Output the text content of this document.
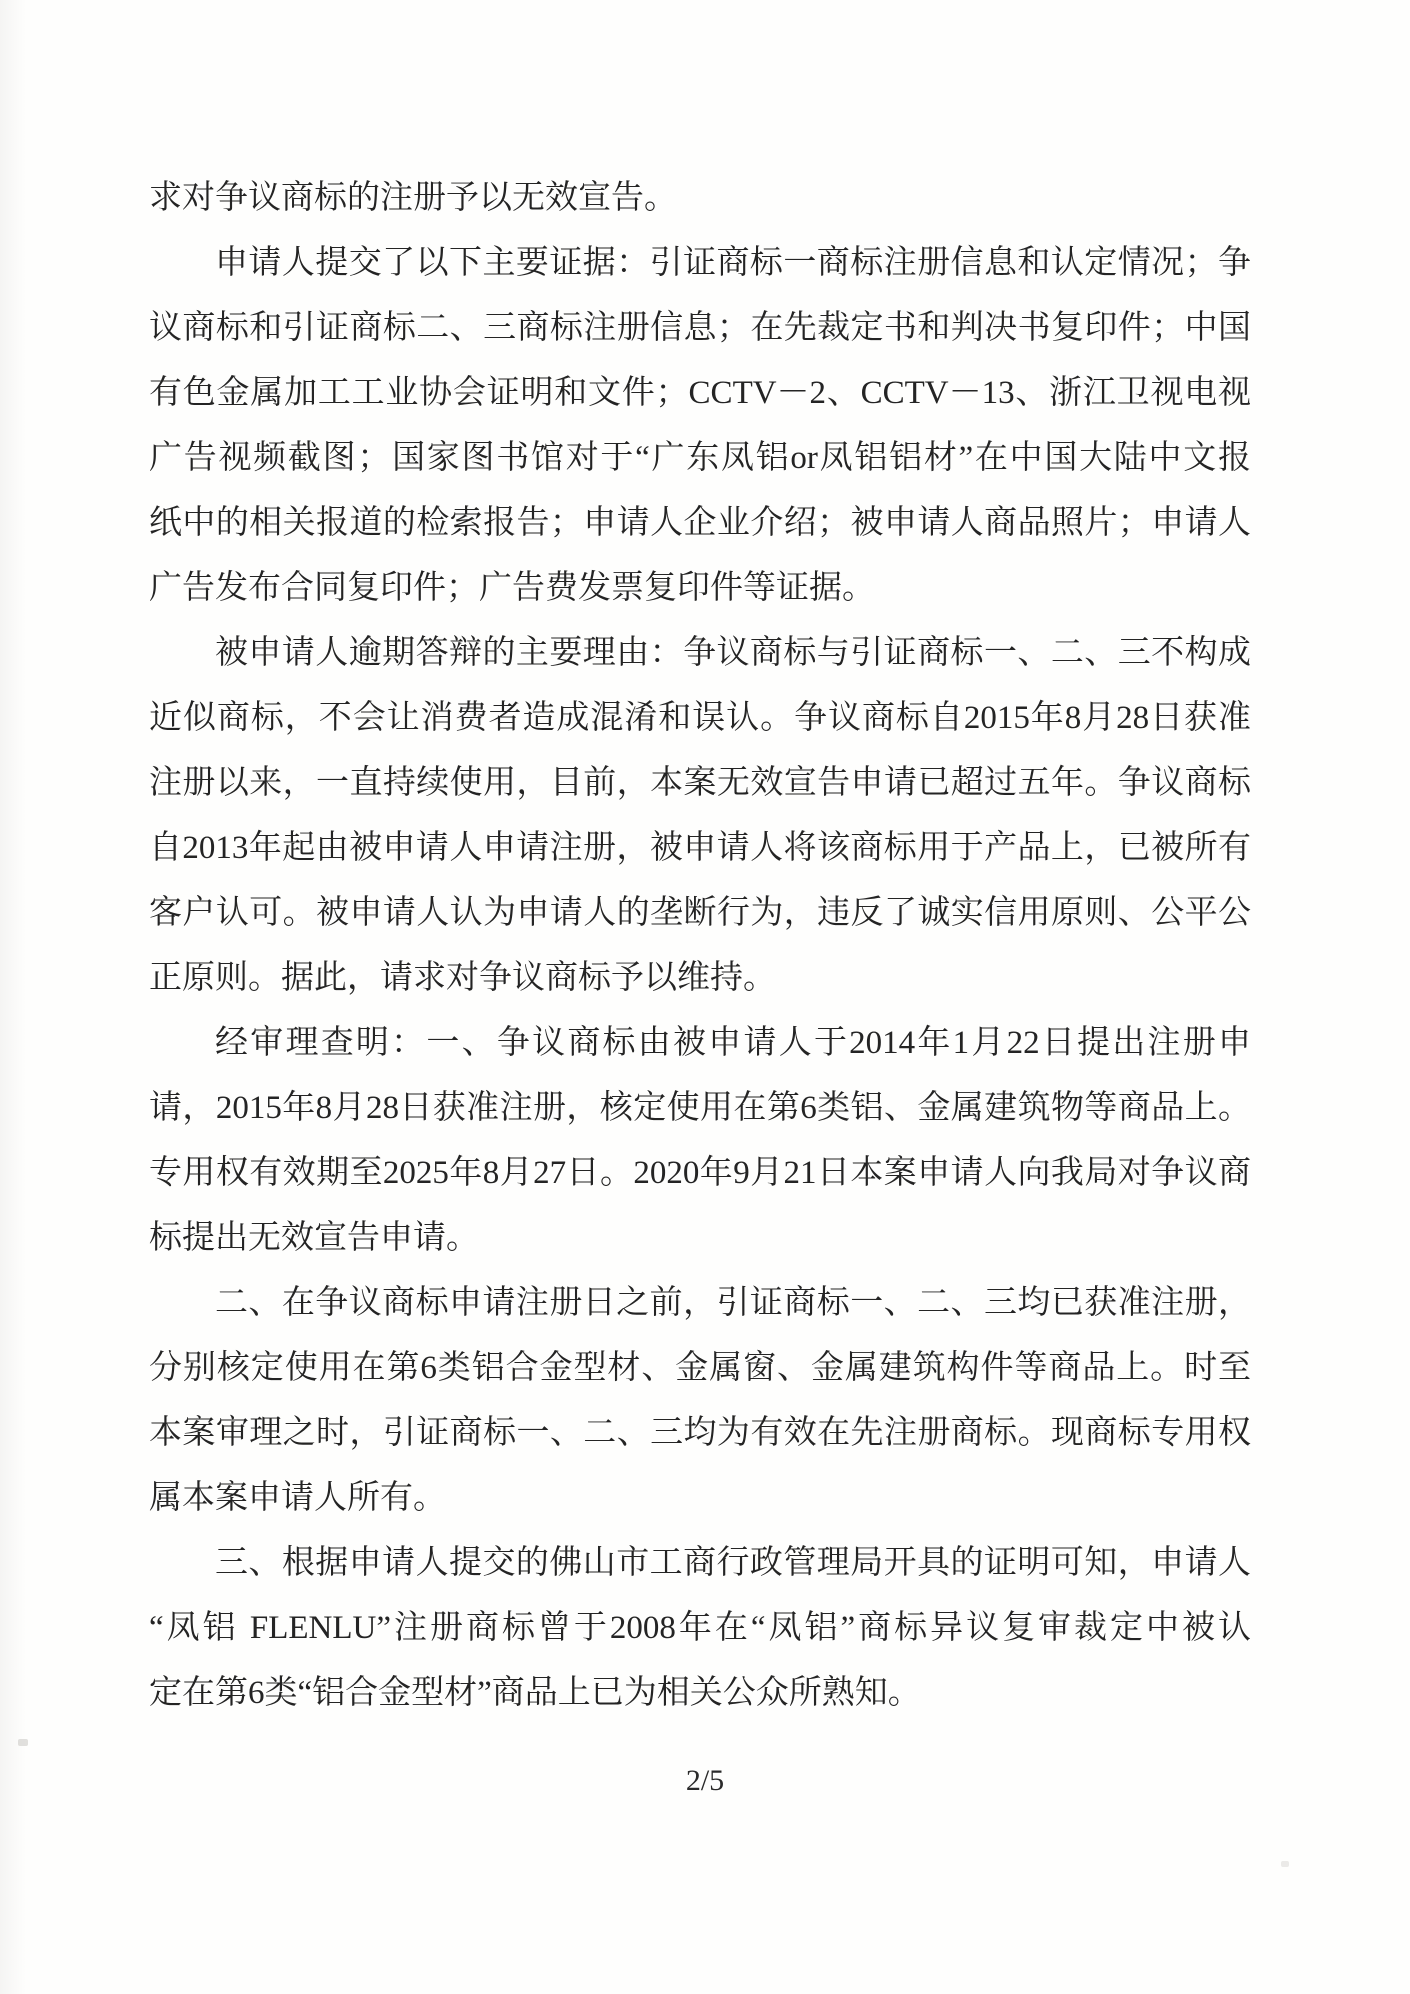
求对争议商标的注册予以无效宣告。

申请人提交了以下主要证据：引证商标一商标注册信息和认定情况；争

议商标和引证商标二、三商标注册信息；在先裁定书和判决书复印件；中国

有色金属加工工业协会证明和文件；CCTV－2、CCTV－13、浙江卫视电视

广告视频截图；国家图书馆对于“广东凤铝or凤铝铝材”在中国大陆中文报

纸中的相关报道的检索报告；申请人企业介绍；被申请人商品照片；申请人

广告发布合同复印件；广告费发票复印件等证据。

被申请人逾期答辩的主要理由：争议商标与引证商标一、二、三不构成

近似商标，不会让消费者造成混淆和误认。争议商标自2015年8月28日获准

注册以来，一直持续使用，目前，本案无效宣告申请已超过五年。争议商标

自2013年起由被申请人申请注册，被申请人将该商标用于产品上，已被所有

客户认可。被申请人认为申请人的垄断行为，违反了诚实信用原则、公平公

正原则。据此，请求对争议商标予以维持。

经审理查明：一、争议商标由被申请人于2014年1月22日提出注册申

请，2015年8月28日获准注册，核定使用在第6类铝、金属建筑物等商品上。

专用权有效期至2025年8月27日。2020年9月21日本案申请人向我局对争议商

标提出无效宣告申请。

二、在争议商标申请注册日之前，引证商标一、二、三均已获准注册，

分别核定使用在第6类铝合金型材、金属窗、金属建筑构件等商品上。时至

本案审理之时，引证商标一、二、三均为有效在先注册商标。现商标专用权

属本案申请人所有。

三、根据申请人提交的佛山市工商行政管理局开具的证明可知，申请人

“凤铝 FLENLU”注册商标曾于2008年在“凤铝”商标异议复审裁定中被认

定在第6类“铝合金型材”商品上已为相关公众所熟知。

2/5
